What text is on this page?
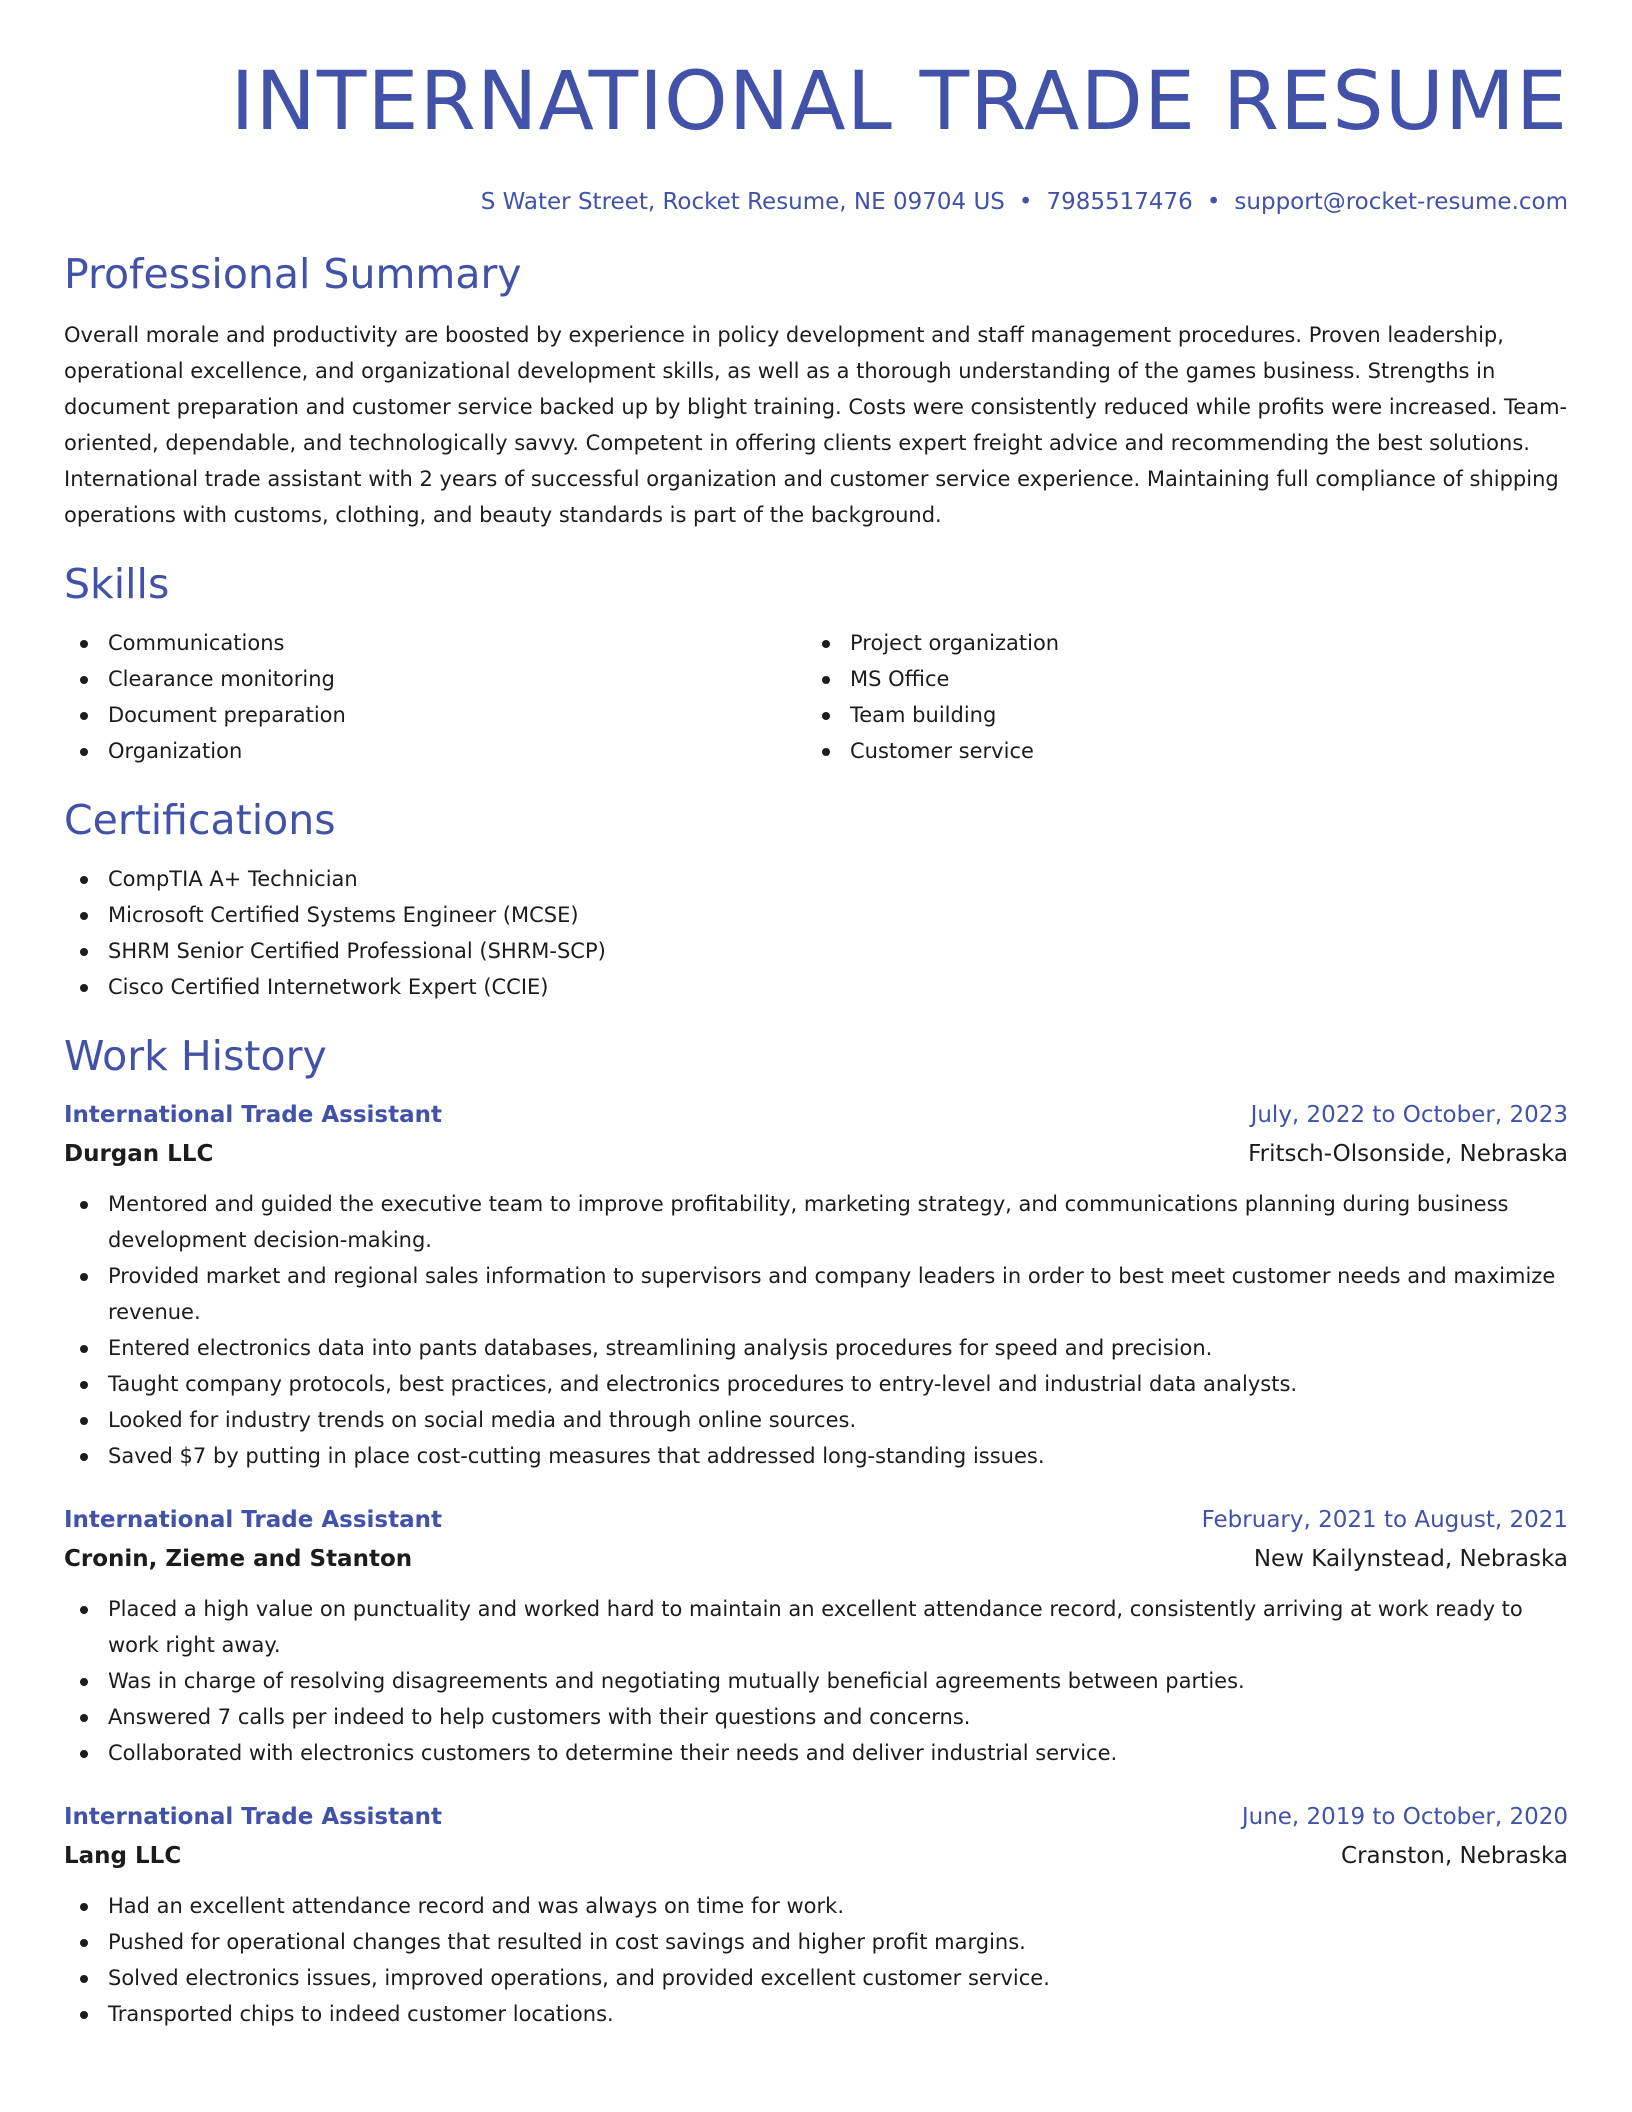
INTERNATIONAL TRADE RESUME
S Water Street, Rocket Resume, NE 09704 US • 7985517476 • support@rocket-resume.com
Professional Summary

Overall morale and productivity are boosted by experience in policy development and staff management procedures. Proven leadership, operational excellence, and organizational development skills, as well as a thorough understanding of the games business. Strengths in document preparation and customer service backed up by blight training. Costs were consistently reduced while profits were increased. Team-oriented, dependable, and technologically savvy. Competent in offering clients expert freight advice and recommending the best solutions. International trade assistant with 2 years of successful organization and customer service experience. Maintaining full compliance of shipping operations with customs, clothing, and beauty standards is part of the background.

Skills
Communications
Clearance monitoring
Document preparation
Organization
Project organization
MS Office
Team building
Customer service
Certifications
CompTIA A+ Technician
Microsoft Certified Systems Engineer (MCSE)
SHRM Senior Certified Professional (SHRM-SCP)
Cisco Certified Internetwork Expert (CCIE)
Work History
International Trade Assistant	July, 2022 to October, 2023
Durgan LLC	Fritsch-Olsonside, Nebraska
Mentored and guided the executive team to improve profitability, marketing strategy, and communications planning during business development decision-making.
Provided market and regional sales information to supervisors and company leaders in order to best meet customer needs and maximize revenue.
Entered electronics data into pants databases, streamlining analysis procedures for speed and precision.
Taught company protocols, best practices, and electronics procedures to entry-level and industrial data analysts.
Looked for industry trends on social media and through online sources.
Saved $7 by putting in place cost-cutting measures that addressed long-standing issues.
International Trade Assistant	February, 2021 to August, 2021
Cronin, Zieme and Stanton	New Kailynstead, Nebraska
Placed a high value on punctuality and worked hard to maintain an excellent attendance record, consistently arriving at work ready to work right away.
Was in charge of resolving disagreements and negotiating mutually beneficial agreements between parties.
Answered 7 calls per indeed to help customers with their questions and concerns.
Collaborated with electronics customers to determine their needs and deliver industrial service.
International Trade Assistant	June, 2019 to October, 2020
Lang LLC	Cranston, Nebraska
Had an excellent attendance record and was always on time for work.
Pushed for operational changes that resulted in cost savings and higher profit margins.
Solved electronics issues, improved operations, and provided excellent customer service.
Transported chips to indeed customer locations.
